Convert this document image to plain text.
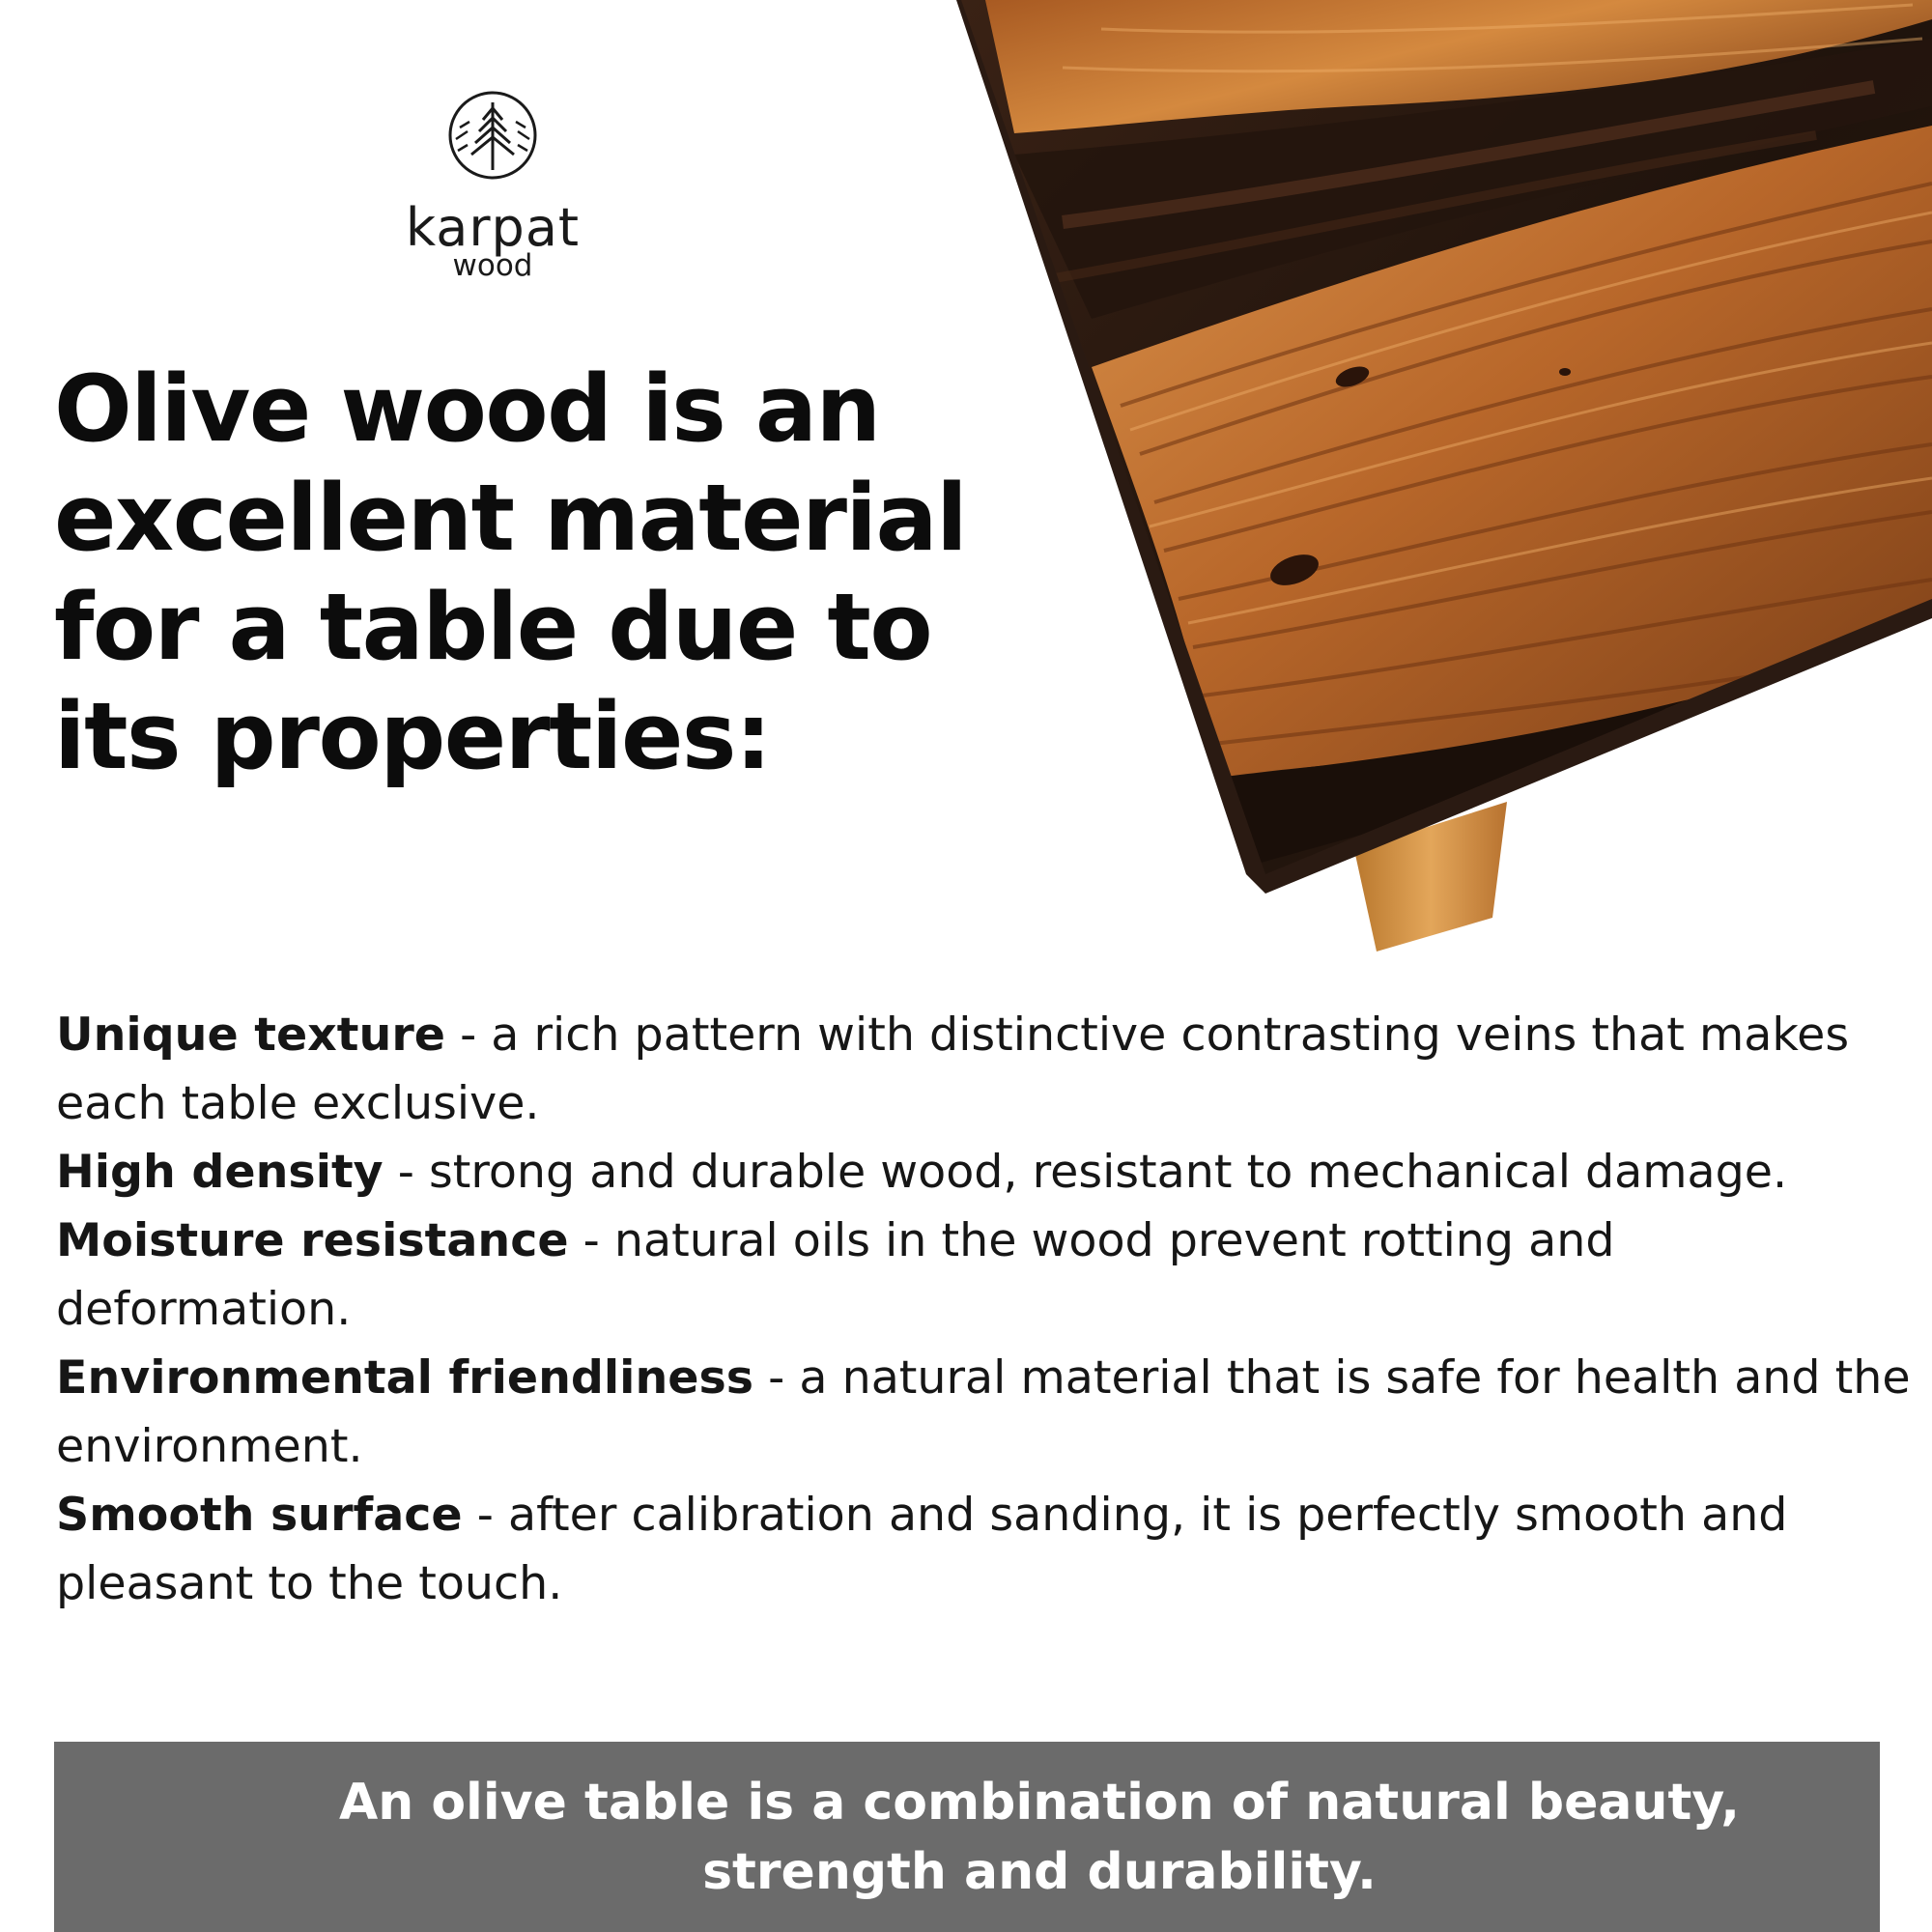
karpat
wood
Olive wood is an
excellent material
for a table due to
its properties:

Unique texture - a rich pattern with distinctive contrasting veins that makes each table exclusive.

High density - strong and durable wood, resistant to mechanical damage.

Moisture resistance - natural oils in the wood prevent rotting and deformation.

Environmental friendliness - a natural material that is safe for health and the environment.

Smooth surface - after calibration and sanding, it is perfectly smooth and pleasant to the touch.

An olive table is a combination of natural beauty,
strength and durability.
